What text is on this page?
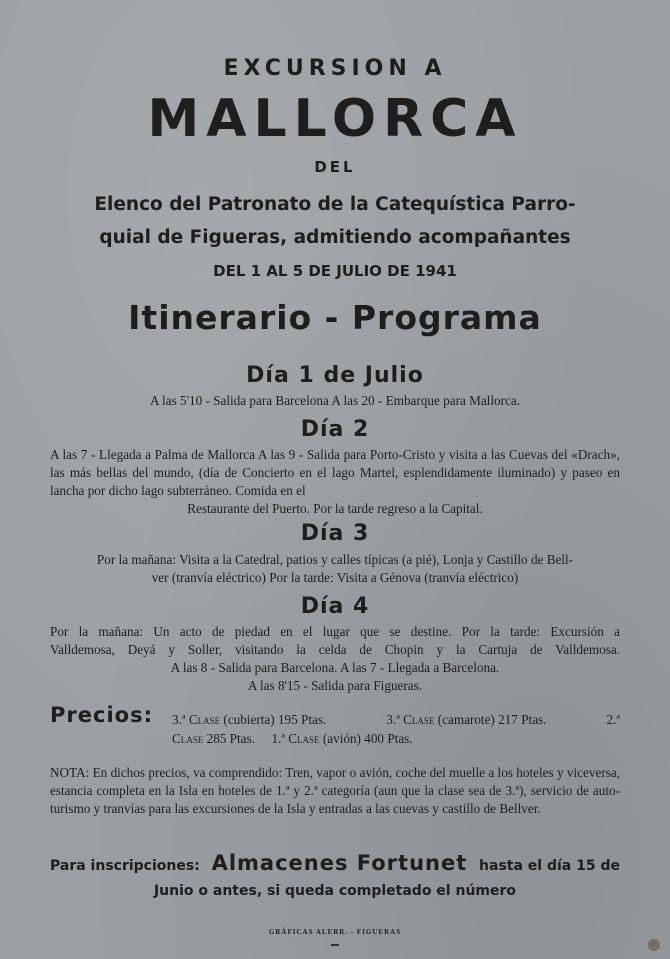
EXCURSION A
MALLORCA
DEL
Elenco del Patronato de la Catequística Parro-
quial de Figueras, admitiendo acompañantes
DEL 1 AL 5 DE JULIO DE 1941
Itinerario - Programa
Día 1 de Julio
A las 5'10 - Salida para Barcelona A las 20 - Embarque para Mallorca.
Día 2
A las 7 - Llegada a Palma de Mallorca A las 9 - Salida para Porto-Cristo y visita a las Cuevas del «Drach», las más bellas del mundo, (día de Concierto en el lago Martel, esplendidamente iluminado) y paseo en lancha por dicho lago subterráneo. Comida en el
Restaurante del Puerto. Por la tarde regreso a la Capital.
Día 3
Por la mañana: Visita a la Catedral, patios y calles típicas (a pié), Lonja y Castillo de Bell-
ver (tranvía eléctrico) Por la tarde: Visita a Génova (tranvía eléctrico)
Día 4
Por la mañana: Un acto de piedad en el lugar que se destine. Por la tarde: Excursión a
Valldemosa, Deyá y Soller, visitando la celda de Chopin y la Cartuja de Valldemosa.
A las 8 - Salida para Barcelona. A las 7 - Llegada a Barcelona.
A las 8'15 - Salida para Figueras.
Precios: 3.ª Clase (cubierta) 195 Ptas.	3.ª Clase (camarote) 217 Ptas.	2.ª
Clase 285 Ptas. 1.ª Clase (avión) 400 Ptas.
NOTA: En dichos precios, va comprendido: Tren, vapor o avión, coche del muelle a los hoteles y viceversa, estancia completa en la Isla en hoteles de 1.ª y 2.ª categoría (aun que la clase sea de 3.ª), servicio de auto-turismo y tranvías para las excursiones de la Isla y entradas a las cuevas y castillo de Bellver.
Para inscripciones: Almacenes Fortunet hasta el día 15 de
Junio o antes, si queda completado el número
GRÁFICAS ALERR. - FIGUERAS
